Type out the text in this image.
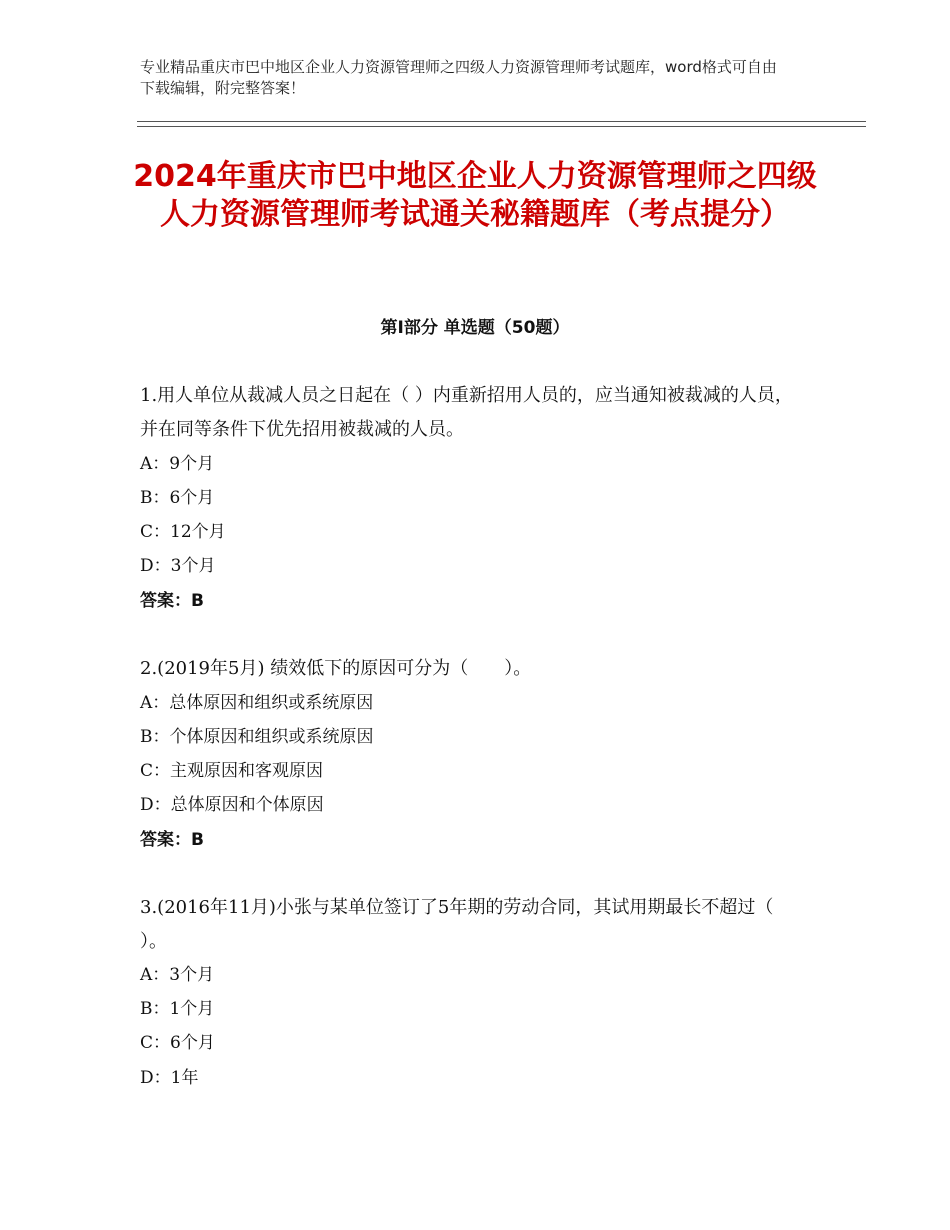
专业精品重庆市巴中地区企业人力资源管理师之四级人力资源管理师考试题库，word格式可自由下载编辑，附完整答案！
2024年重庆市巴中地区企业人力资源管理师之四级人力资源管理师考试通关秘籍题库（考点提分）
第Ⅰ部分 单选题（50题）
1.用人单位从裁减人员之日起在（ ）内重新招用人员的，应当通知被裁减的人员，并在同等条件下优先招用被裁减的人员。
A：9个月
B：6个月
C：12个月
D：3个月
答案：B
2.(2019年5月) 绩效低下的原因可分为（　　）。
A：总体原因和组织或系统原因
B：个体原因和组织或系统原因
C：主观原因和客观原因
D：总体原因和个体原因
答案：B
3.(2016年11月)小张与某单位签订了5年期的劳动合同，其试用期最长不超过（ ）。
A：3个月
B：1个月
C：6个月
D：1年
